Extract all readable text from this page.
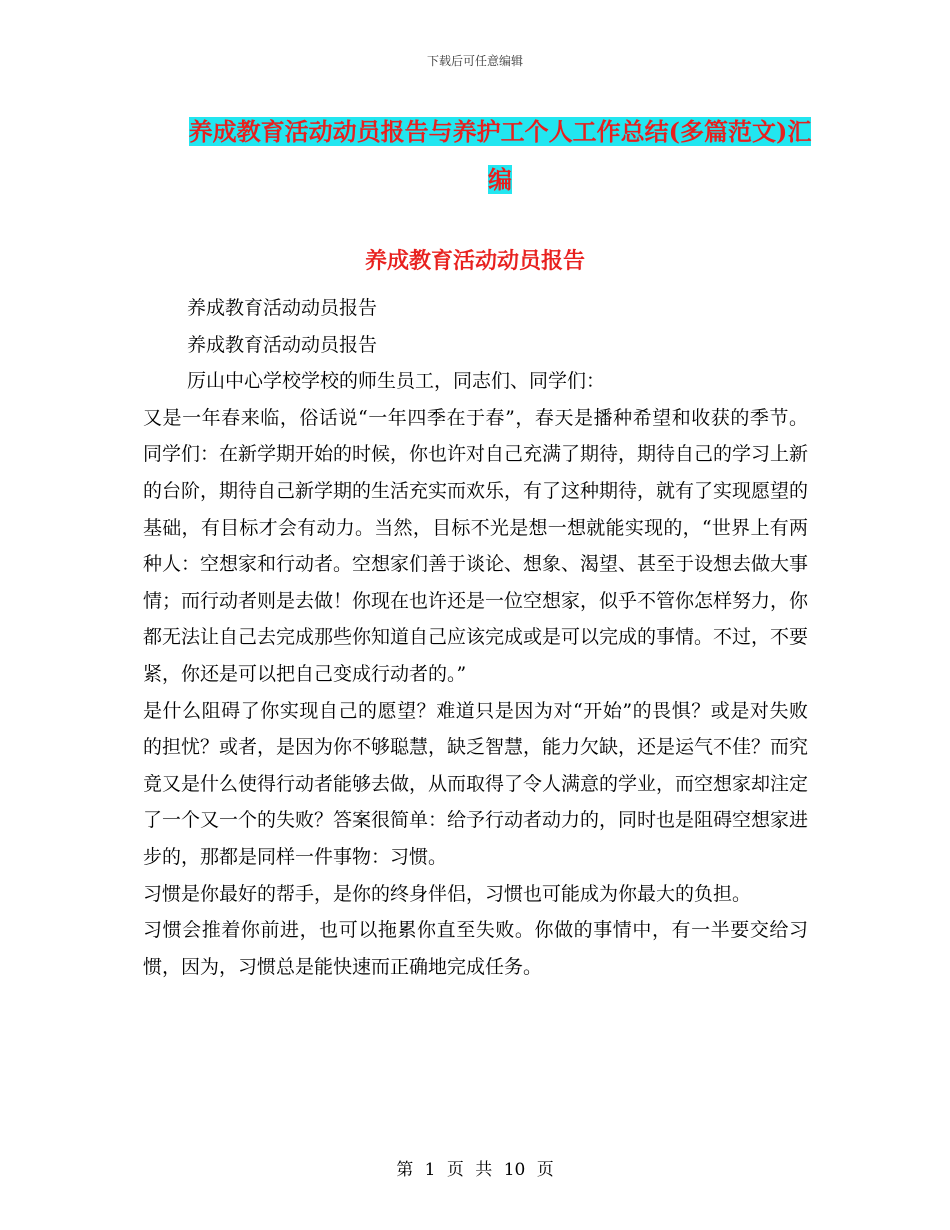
下载后可任意编辑
养成教育活动动员报告与养护工个人工作总结(多篇范文)汇编
养成教育活动动员报告

养成教育活动动员报告

养成教育活动动员报告

厉山中心学校学校的师生员工，同志们、同学们：

又是一年春来临，俗话说“一年四季在于春”，春天是播种希望和收获的季节。同学们：在新学期开始的时候，你也许对自己充满了期待，期待自己的学习上新的台阶，期待自己新学期的生活充实而欢乐，有了这种期待，就有了实现愿望的基础，有目标才会有动力。当然，目标不光是想一想就能实现的，“世界上有两种人：空想家和行动者。空想家们善于谈论、想象、渴望、甚至于设想去做大事情；而行动者则是去做！你现在也许还是一位空想家，似乎不管你怎样努力，你都无法让自己去完成那些你知道自己应该完成或是可以完成的事情。不过，不要紧，你还是可以把自己变成行动者的。”

是什么阻碍了你实现自己的愿望？难道只是因为对“开始”的畏惧？或是对失败的担忧？或者，是因为你不够聪慧，缺乏智慧，能力欠缺，还是运气不佳？而究竟又是什么使得行动者能够去做，从而取得了令人满意的学业，而空想家却注定了一个又一个的失败？答案很简单：给予行动者动力的，同时也是阻碍空想家进步的，那都是同样一件事物：习惯。

习惯是你最好的帮手，是你的终身伴侣，习惯也可能成为你最大的负担。

习惯会推着你前进，也可以拖累你直至失败。你做的事情中，有一半要交给习惯，因为，习惯总是能快速而正确地完成任务。

第 1 页 共 10 页
